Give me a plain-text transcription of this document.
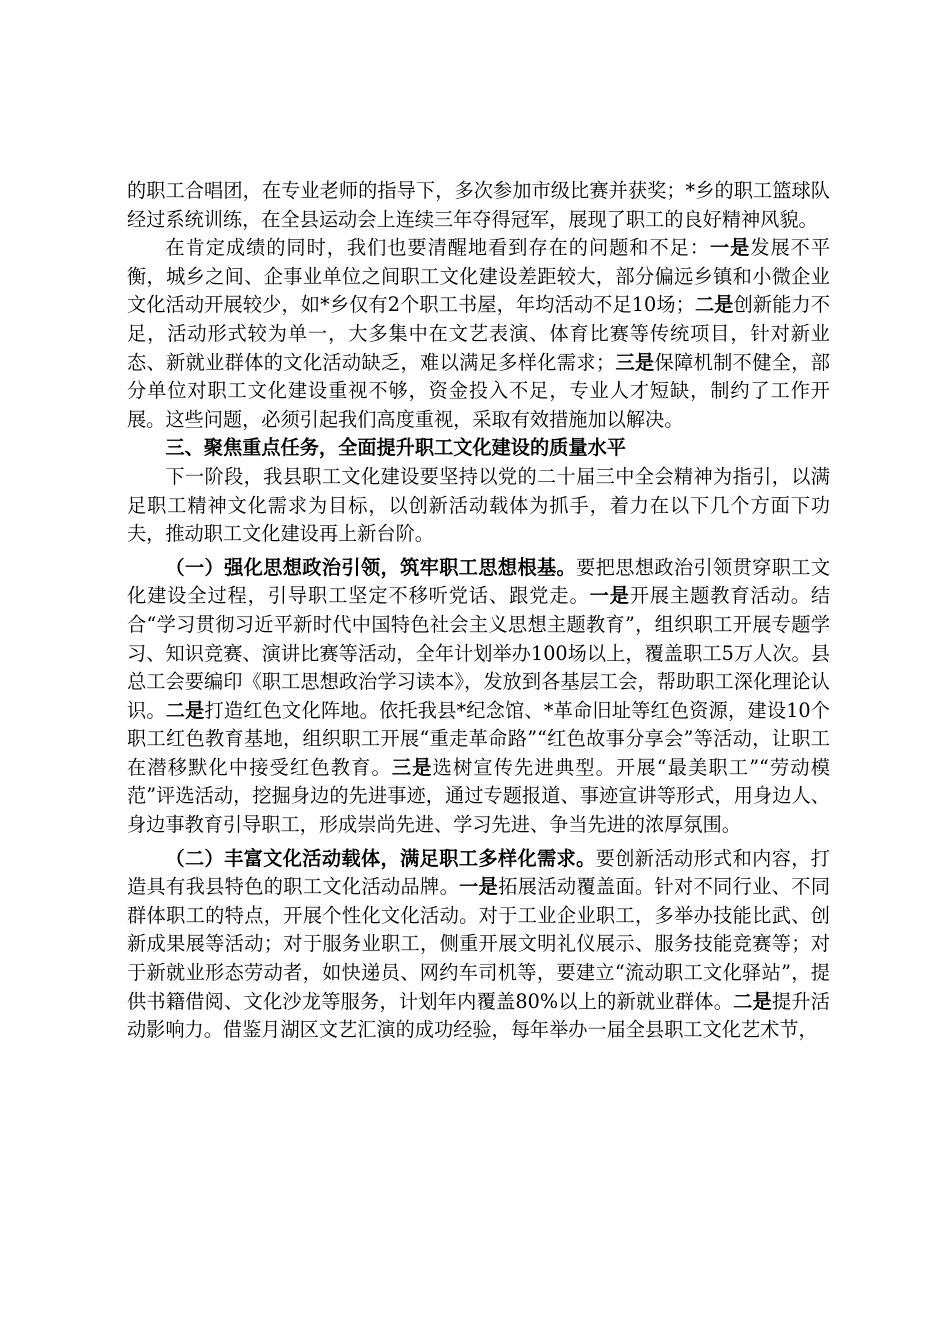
的职工合唱团，在专业老师的指导下，多次参加市级比赛并获奖；*乡的职工篮球队经过系统训练，在全县运动会上连续三年夺得冠军，展现了职工的良好精神风貌。

在肯定成绩的同时，我们也要清醒地看到存在的问题和不足：一是发展不平衡，城乡之间、企事业单位之间职工文化建设差距较大，部分偏远乡镇和小微企业文化活动开展较少，如*乡仅有2个职工书屋，年均活动不足10场；二是创新能力不足，活动形式较为单一，大多集中在文艺表演、体育比赛等传统项目，针对新业态、新就业群体的文化活动缺乏，难以满足多样化需求；三是保障机制不健全，部分单位对职工文化建设重视不够，资金投入不足，专业人才短缺，制约了工作开展。这些问题，必须引起我们高度重视，采取有效措施加以解决。

三、聚焦重点任务，全面提升职工文化建设的质量水平

下一阶段，我县职工文化建设要坚持以党的二十届三中全会精神为指引，以满足职工精神文化需求为目标，以创新活动载体为抓手，着力在以下几个方面下功夫，推动职工文化建设再上新台阶。

（一）强化思想政治引领，筑牢职工思想根基。要把思想政治引领贯穿职工文化建设全过程，引导职工坚定不移听党话、跟党走。一是开展主题教育活动。结合“学习贯彻习近平新时代中国特色社会主义思想主题教育”，组织职工开展专题学习、知识竞赛、演讲比赛等活动，全年计划举办100场以上，覆盖职工5万人次。县总工会要编印《职工思想政治学习读本》，发放到各基层工会，帮助职工深化理论认识。二是打造红色文化阵地。依托我县*纪念馆、*革命旧址等红色资源，建设10个职工红色教育基地，组织职工开展“重走革命路”“红色故事分享会”等活动，让职工在潜移默化中接受红色教育。三是选树宣传先进典型。开展“最美职工”“劳动模范”评选活动，挖掘身边的先进事迹，通过专题报道、事迹宣讲等形式，用身边人、身边事教育引导职工，形成崇尚先进、学习先进、争当先进的浓厚氛围。

（二）丰富文化活动载体，满足职工多样化需求。要创新活动形式和内容，打造具有我县特色的职工文化活动品牌。一是拓展活动覆盖面。针对不同行业、不同群体职工的特点，开展个性化文化活动。对于工业企业职工，多举办技能比武、创新成果展等活动；对于服务业职工，侧重开展文明礼仪展示、服务技能竞赛等；对于新就业形态劳动者，如快递员、网约车司机等，要建立“流动职工文化驿站”，提供书籍借阅、文化沙龙等服务，计划年内覆盖80%以上的新就业群体。二是提升活动影响力。借鉴月湖区文艺汇演的成功经验，每年举办一届全县职工文化艺术节，
